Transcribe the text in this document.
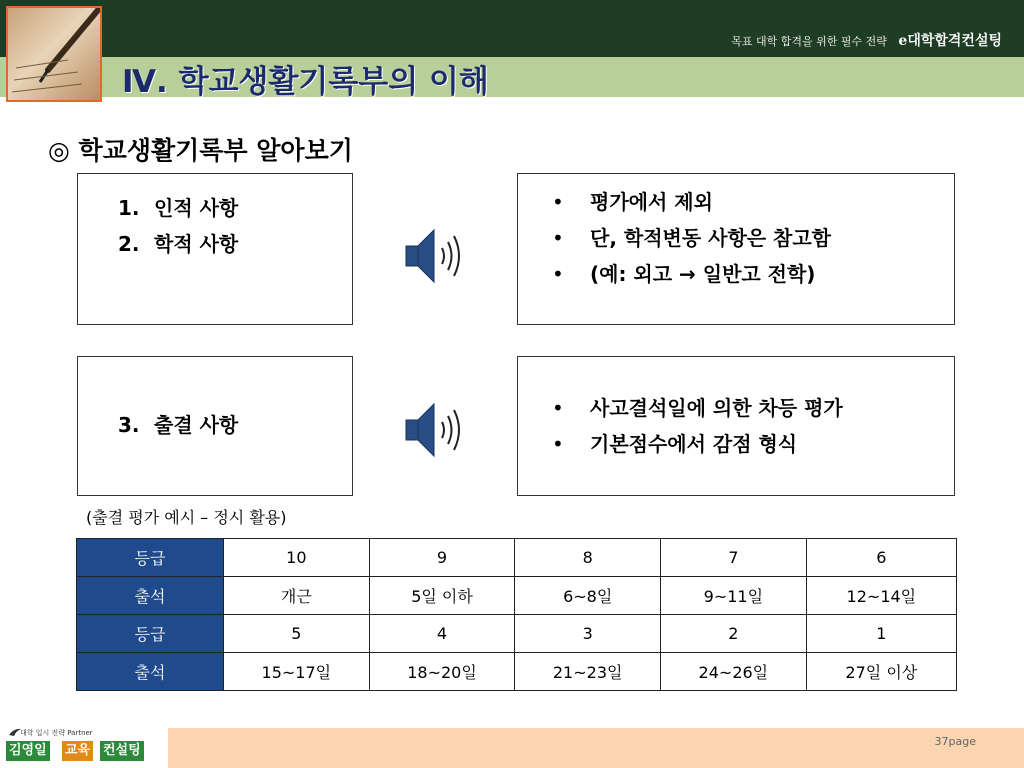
목표 대학 합격을 위한 필수 전략 e대학합격컨설팅
Ⅳ. 학교생활기록부의 이해
◎ 학교생활기록부 알아보기
1. 인적 사항
2. 학적 사항
• 평가에서 제외
• 단, 학적변동 사항은 참고함
• (예: 외고 → 일반고 전학)
3. 출결 사항
• 사고결석일에 의한 차등 평가
• 기본점수에서 감점 형식
(출결 평가 예시 – 정시 활용)
등급	10	9	8	7	6
출석	개근	5일 이하	6~8일	9~11일	12~14일
등급	5	4	3	2	1
출석	15~17일	18~20일	21~23일	24~26일	27일 이상
37page
대학 입시 전략 Partner
김영일 교육 컨설팅
